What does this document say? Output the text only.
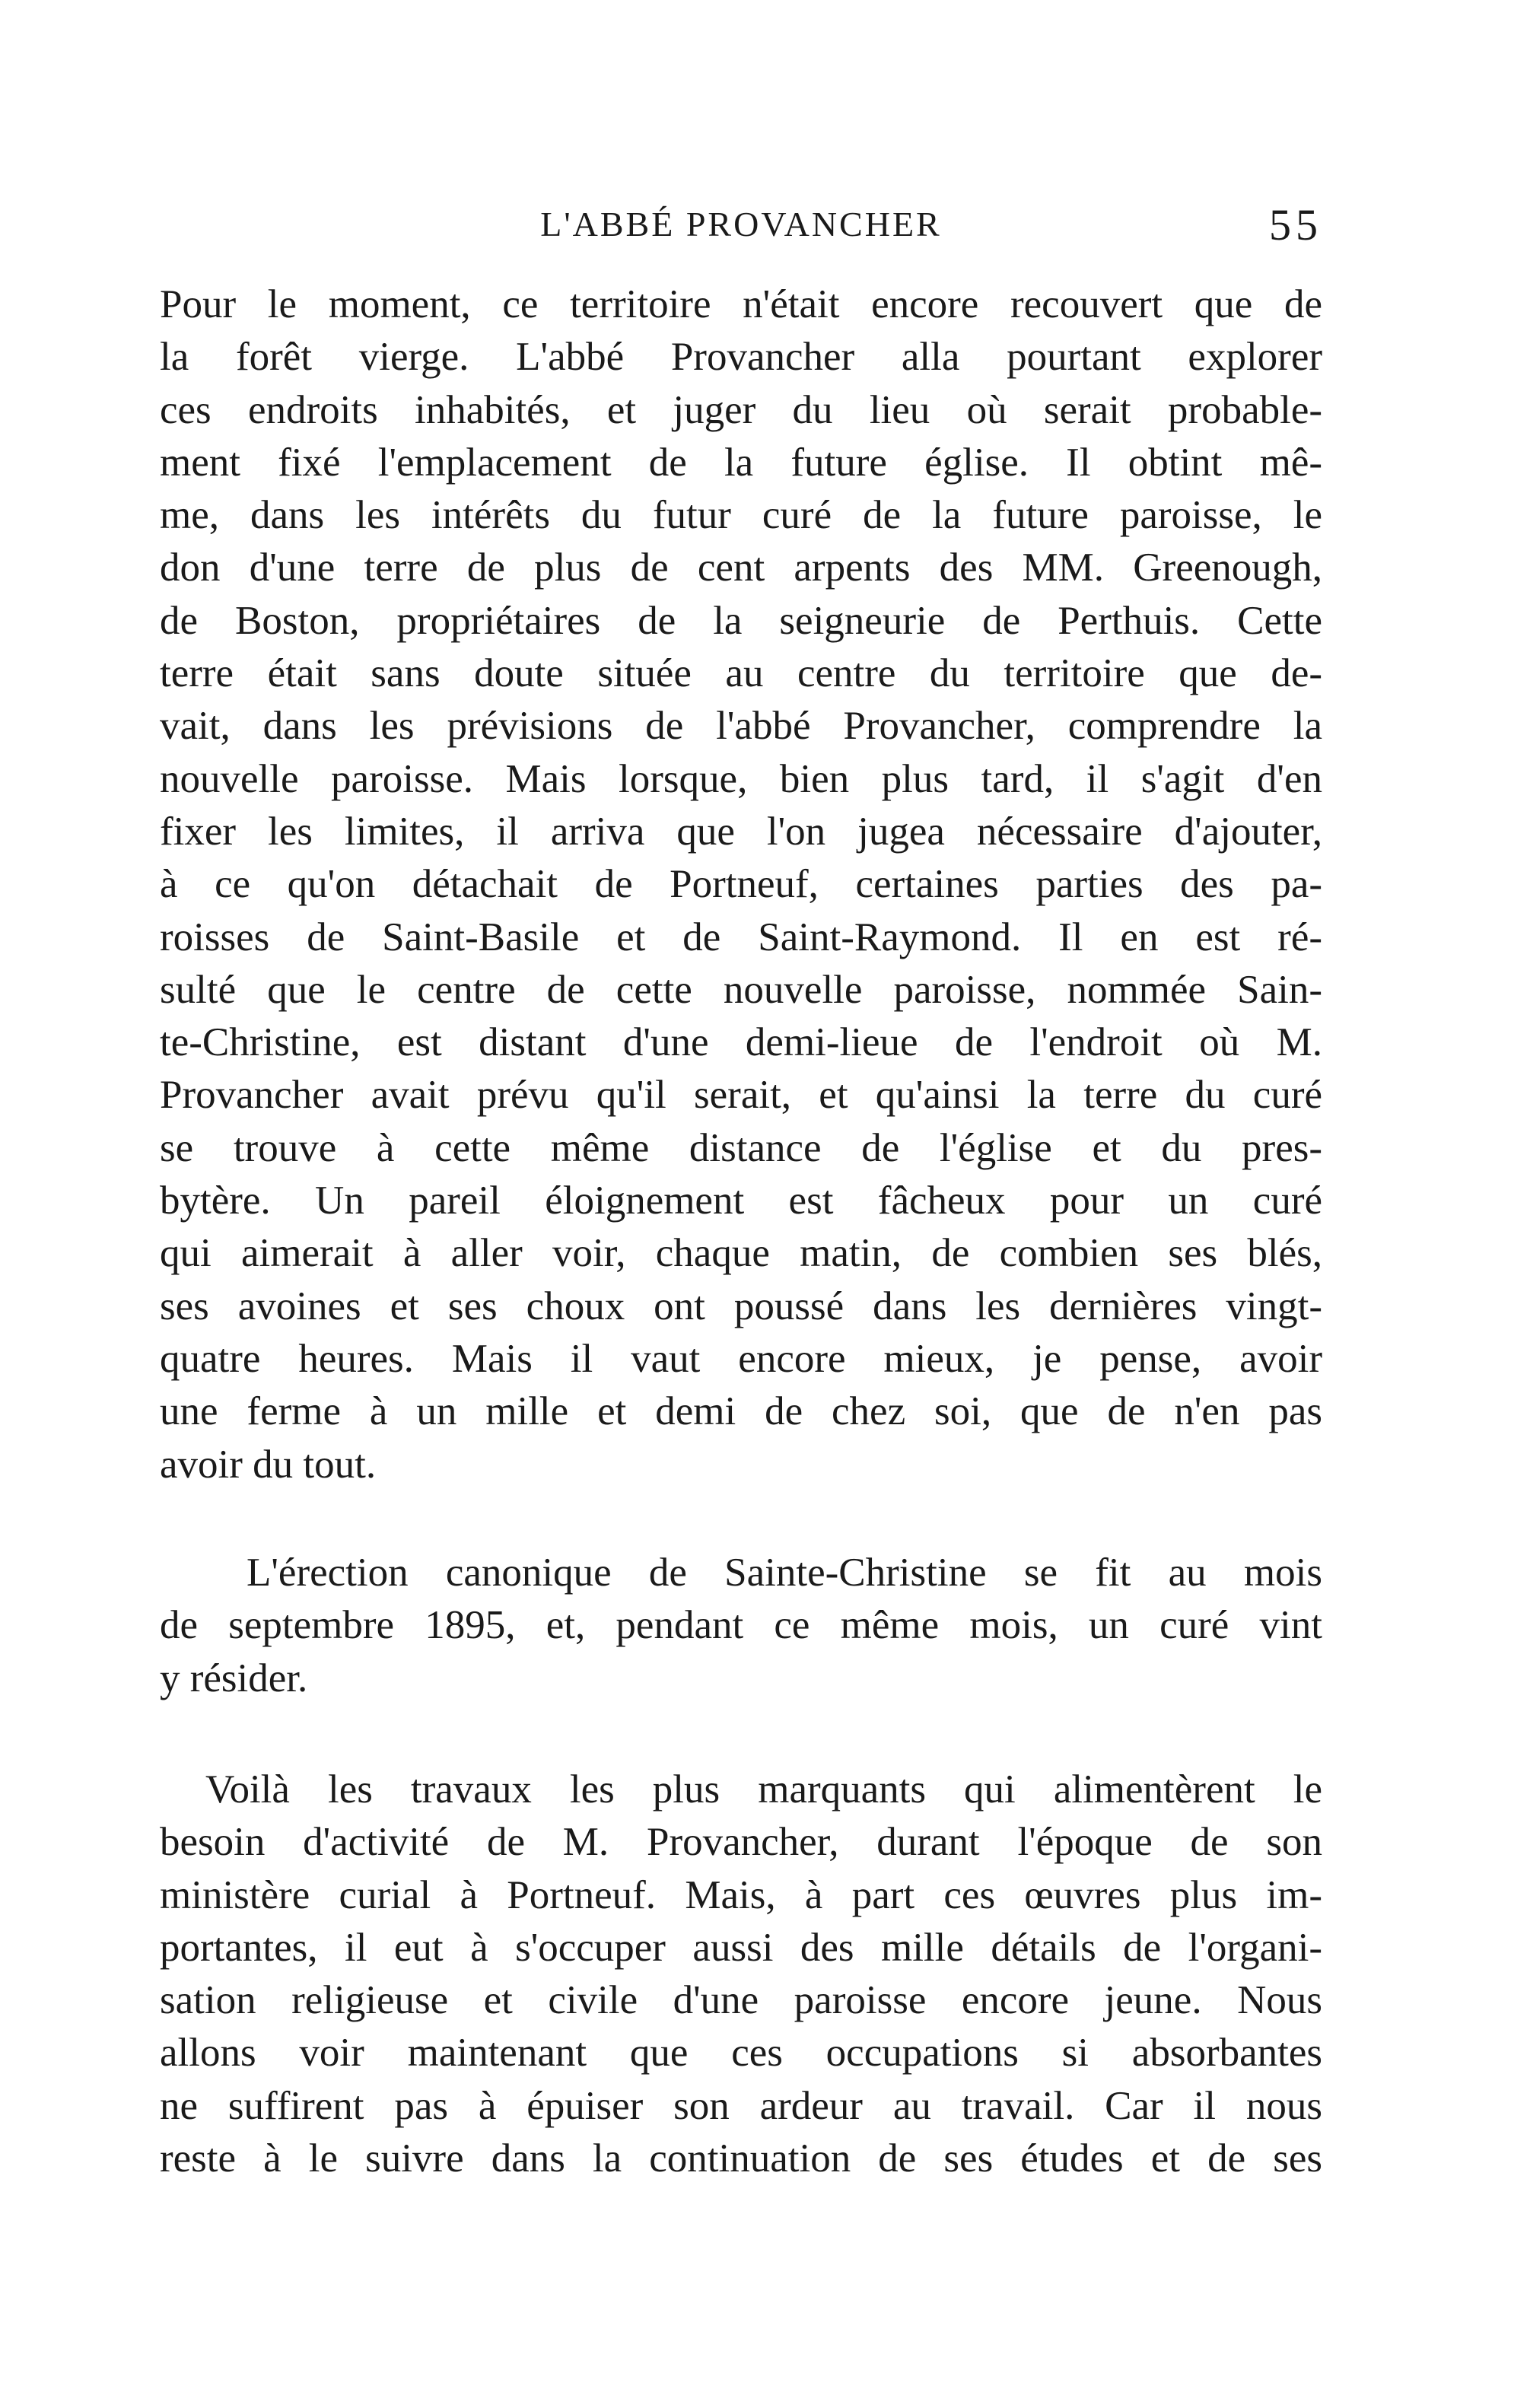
L'ABBÉ PROVANCHER	55
Pour le moment, ce territoire n'était encore recouvert que de
la forêt vierge. L'abbé Provancher alla pourtant explorer
ces endroits inhabités, et juger du lieu où serait probable-
ment fixé l'emplacement de la future église. Il obtint mê-
me, dans les intérêts du futur curé de la future paroisse, le
don d'une terre de plus de cent arpents des MM. Greenough,
de Boston, propriétaires de la seigneurie de Perthuis. Cette
terre était sans doute située au centre du territoire que de-
vait, dans les prévisions de l'abbé Provancher, comprendre la
nouvelle paroisse. Mais lorsque, bien plus tard, il s'agit d'en
fixer les limites, il arriva que l'on jugea nécessaire d'ajouter,
à ce qu'on détachait de Portneuf, certaines parties des pa-
roisses de Saint-Basile et de Saint-Raymond. Il en est ré-
sulté que le centre de cette nouvelle paroisse, nommée Sain-
te-Christine, est distant d'une demi-lieue de l'endroit où M.
Provancher avait prévu qu'il serait, et qu'ainsi la terre du curé
se trouve à cette même distance de l'église et du pres-
bytère. Un pareil éloignement est fâcheux pour un curé
qui aimerait à aller voir, chaque matin, de combien ses blés,
ses avoines et ses choux ont poussé dans les dernières vingt-
quatre heures. Mais il vaut encore mieux, je pense, avoir
une ferme à un mille et demi de chez soi, que de n'en pas
avoir du tout.
L'érection canonique de Sainte-Christine se fit au mois
de septembre 1895, et, pendant ce même mois, un curé vint
y résider.
Voilà les travaux les plus marquants qui alimentèrent le
besoin d'activité de M. Provancher, durant l'époque de son
ministère curial à Portneuf. Mais, à part ces œuvres plus im-
portantes, il eut à s'occuper aussi des mille détails de l'organi-
sation religieuse et civile d'une paroisse encore jeune. Nous
allons voir maintenant que ces occupations si absorbantes
ne suffirent pas à épuiser son ardeur au travail. Car il nous
reste à le suivre dans la continuation de ses études et de ses
